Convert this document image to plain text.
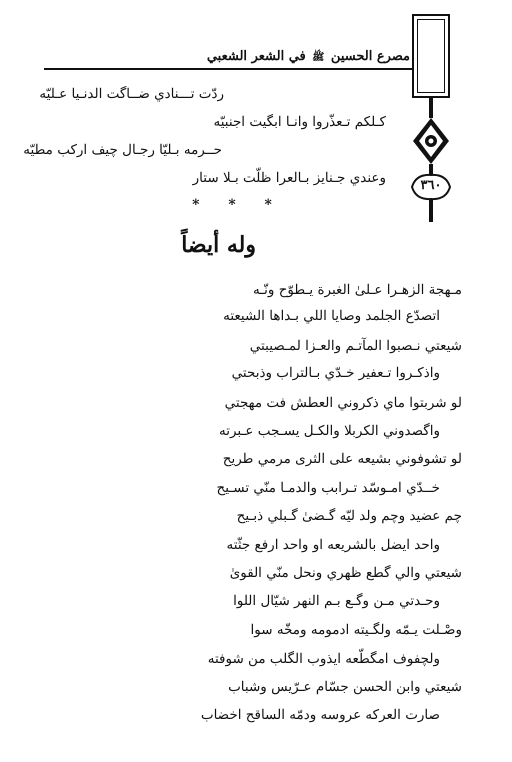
مصرع الحسين ﷺ في الشعر الشعبي
٣٦٠
ردّت تـــنادي ضــاگت الدنـيا عـليّه
كـلكم تـعذّروا وانـا ابگيت اجنبيّه
حــرمه بـليّا رجـال چيف اركب مطيّه
وعندي جـنايز بـالعرا ظلّت بـلا ستار
* * *
وله أيضاً
مـهجة الزهـرا عـلىٰ الغبرة يـطوّح ونّـه
اتصدّع الجلمد وصايا اللي بـداها الشيعته
شيعتي نـصبوا المآتـم والعـزا لمـصيبتي
واذكـروا تـعفير خـدّي بـالتراب وذبحتي
لو شربتوا ماي ذكروني العطش فت مهجتي
واگصدوني الكربلا والكـل يسـجب عـبرته
لو تشوفوني بشيعه على الثرى مرمي طريح
خــدّي امـوسّد تـرابب والدمـا منّي تسـيح
چم عضيد وچم ولد ليّه گـضىٰ گـبلي ذبـيح
واحد ايضل بالشريعه او واحد ارفع جثّته
شيعتي والي گطع ظهري ونحل منّي القوىٰ
وحـدتي مـن وگـع بـم النهر شيّال اللوا
وصْـلت يـمّه ولگـيته ادمومه ومخّه سوا
ولچفوف امگطّعه ايذوب الگلب من شوفته
شيعتي وابن الحسن جسّام عـرّيس وشباب
صارت العركه عروسه ودمّه الساقح اخضاب
